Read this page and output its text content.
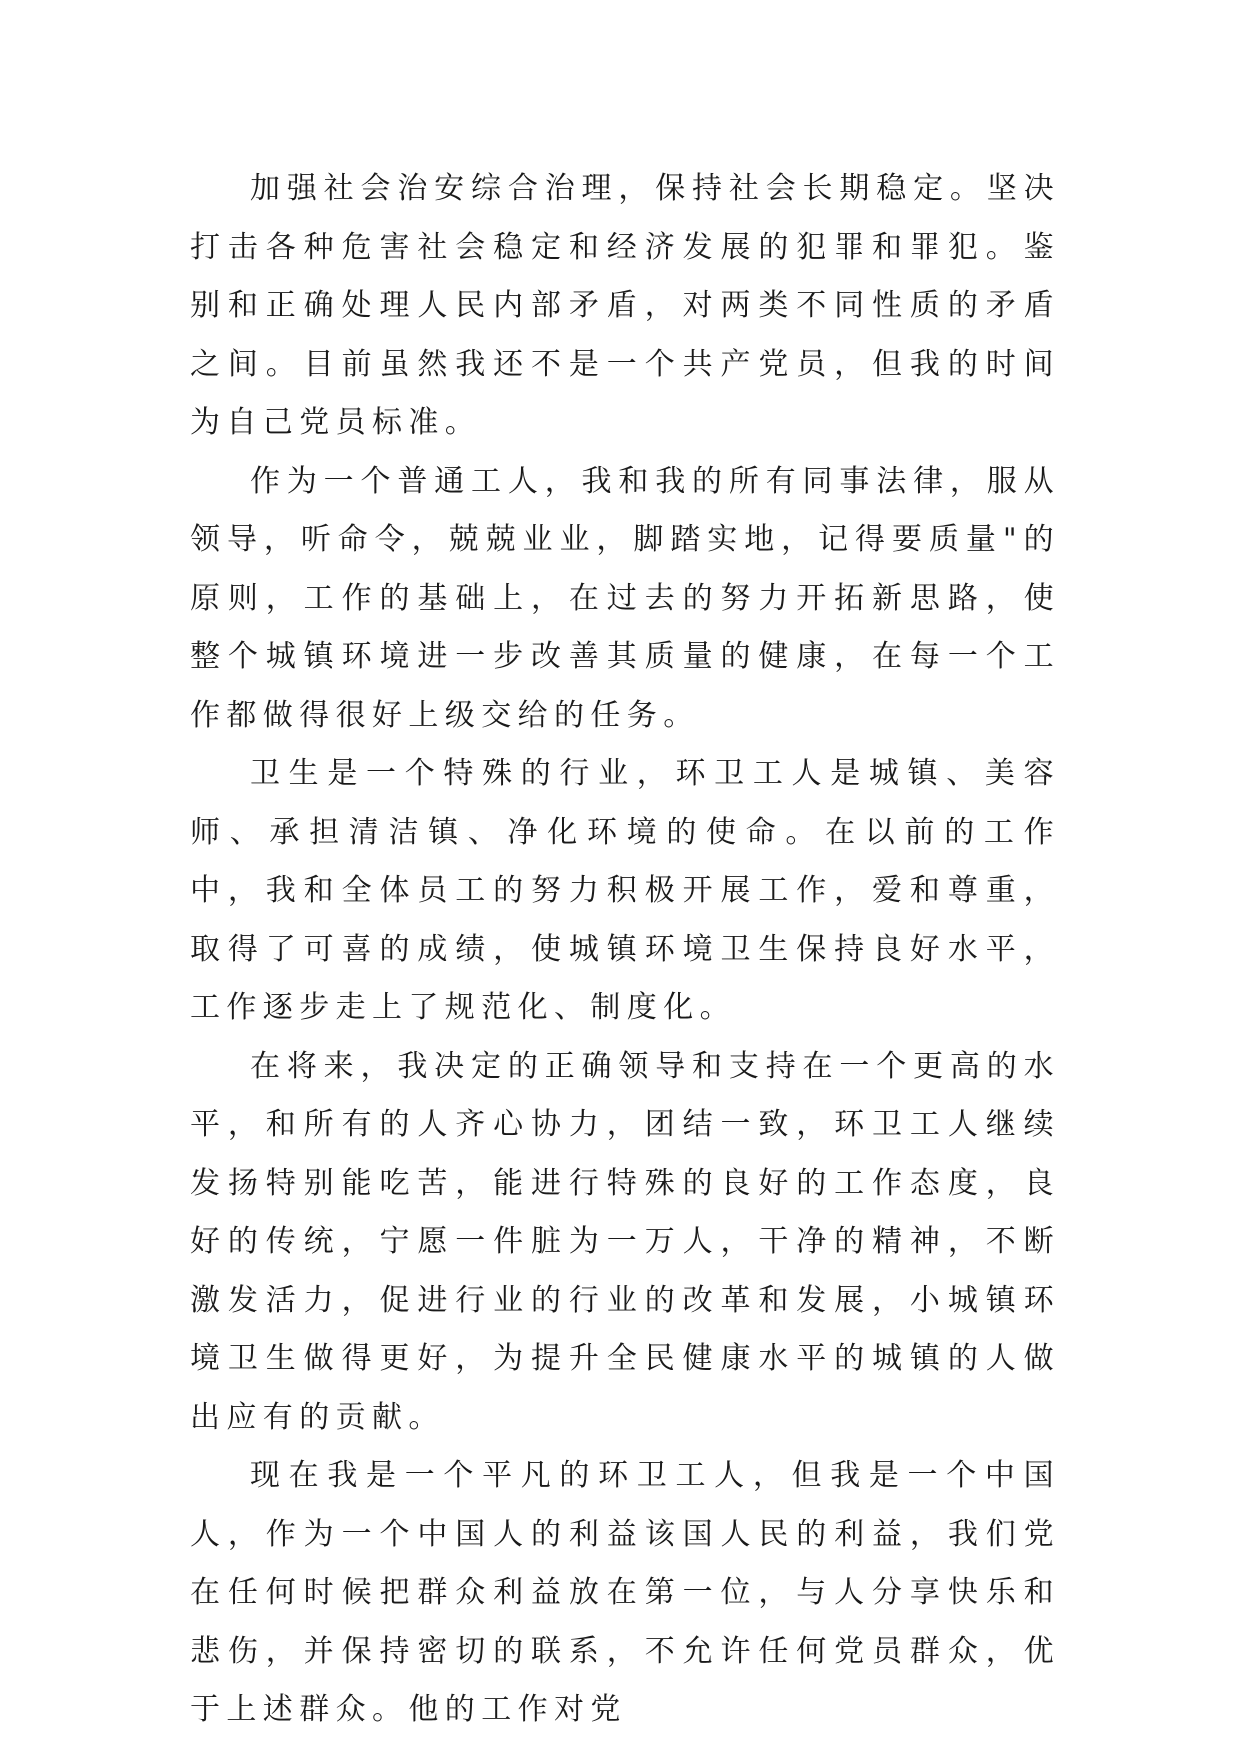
加强社会治安综合治理，保持社会长期稳定。坚决打击各种危害社会稳定和经济发展的犯罪和罪犯。鉴别和正确处理人民内部矛盾，对两类不同性质的矛盾之间。目前虽然我还不是一个共产党员，但我的时间为自己党员标准。

作为一个普通工人，我和我的所有同事法律，服从领导，听命令，兢兢业业，脚踏实地，记得要质量"的原则，工作的基础上，在过去的努力开拓新思路，使整个城镇环境进一步改善其质量的健康，在每一个工作都做得很好上级交给的任务。

卫生是一个特殊的行业，环卫工人是城镇、美容师、承担清洁镇、净化环境的使命。在以前的工作中，我和全体员工的努力积极开展工作，爱和尊重，取得了可喜的成绩，使城镇环境卫生保持良好水平，工作逐步走上了规范化、制度化。

在将来，我决定的正确领导和支持在一个更高的水平，和所有的人齐心协力，团结一致，环卫工人继续发扬特别能吃苦，能进行特殊的良好的工作态度，良好的传统，宁愿一件脏为一万人，干净的精神，不断激发活力，促进行业的行业的改革和发展，小城镇环境卫生做得更好，为提升全民健康水平的城镇的人做出应有的贡献。

现在我是一个平凡的环卫工人，但我是一个中国人，作为一个中国人的利益该国人民的利益，我们党在任何时候把群众利益放在第一位，与人分享快乐和悲伤，并保持密切的联系，不允许任何党员群众，优于上述群众。他的工作对党
